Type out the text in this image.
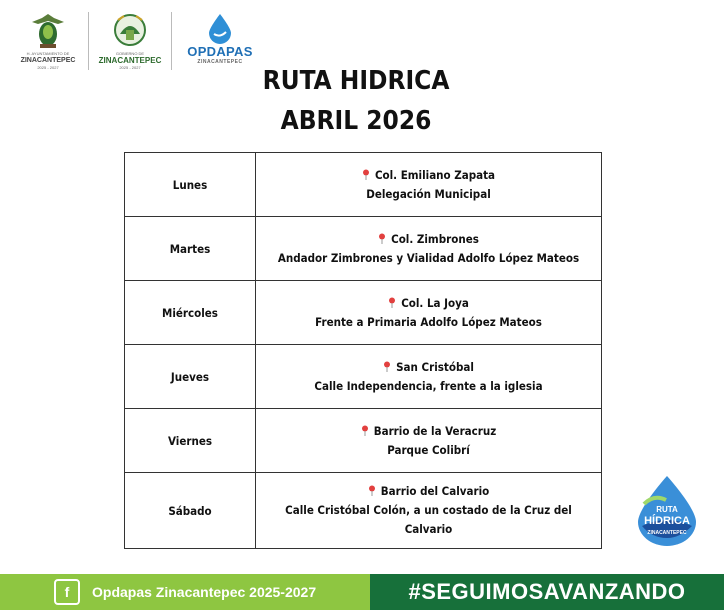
H. AYUNTAMIENTO DE
ZINACANTEPEC
2025 - 2027
GOBIERNO DE
ZINACANTEPEC
2025 - 2027
OPDAPAS
ZINACANTEPEC
RUTA HIDRICA
ABRIL 2026
Lunes	Col. Emiliano Zapata
Delegación Municipal

Martes	Col. Zimbrones
Andador Zimbrones y Vialidad Adolfo López Mateos

Miércoles	Col. La Joya
Frente a Primaria Adolfo López Mateos

Jueves	San Cristóbal
Calle Independencia, frente a la iglesia

Viernes	Barrio de la Veracruz
Parque Colibrí

Sábado	Barrio del Calvario
Calle Cristóbal Colón, a un costado de la Cruz del Calvario
RUTA
HÍDRICA
ZINACANTEPEC
f	Opdapas Zinacantepec 2025-2027	#SEGUIMOSAVANZANDO
